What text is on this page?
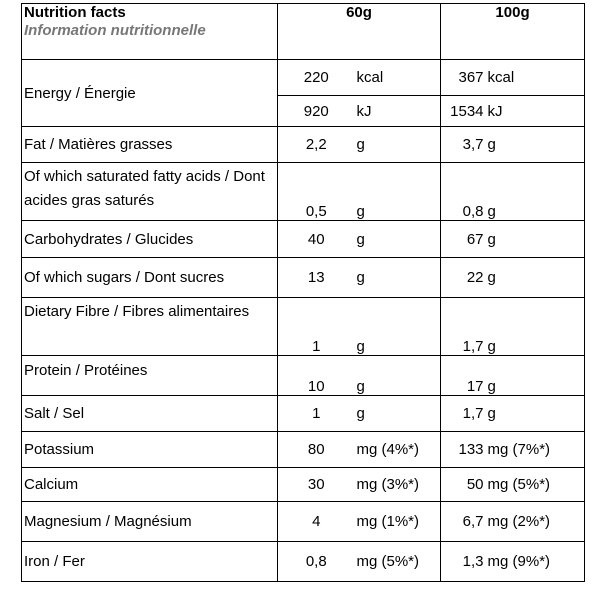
Nutrition facts
Information nutritionnelle	60g		100g	
Energy / Énergie	220	kcal	367	kcal
	920	kJ	1534	kJ
Fat / Matières grasses	2,2	g	3,7	g
Of which saturated fatty acids / Dont acides gras saturés	0,5	g	0,8	g
Carbohydrates / Glucides	40	g	67	g
Of which sugars / Dont sucres	13	g	22	g
Dietary Fibre / Fibres alimentaires	1	g	1,7	g
Protein / Protéines	10	g	17	g
Salt / Sel	1	g	1,7	g
Potassium	80	mg (4%*)	133	mg (7%*)
Calcium	30	mg (3%*)	50	mg (5%*)
Magnesium / Magnésium	4	mg (1%*)	6,7	mg (2%*)
Iron / Fer	0,8	mg (5%*)	1,3	mg (9%*)
